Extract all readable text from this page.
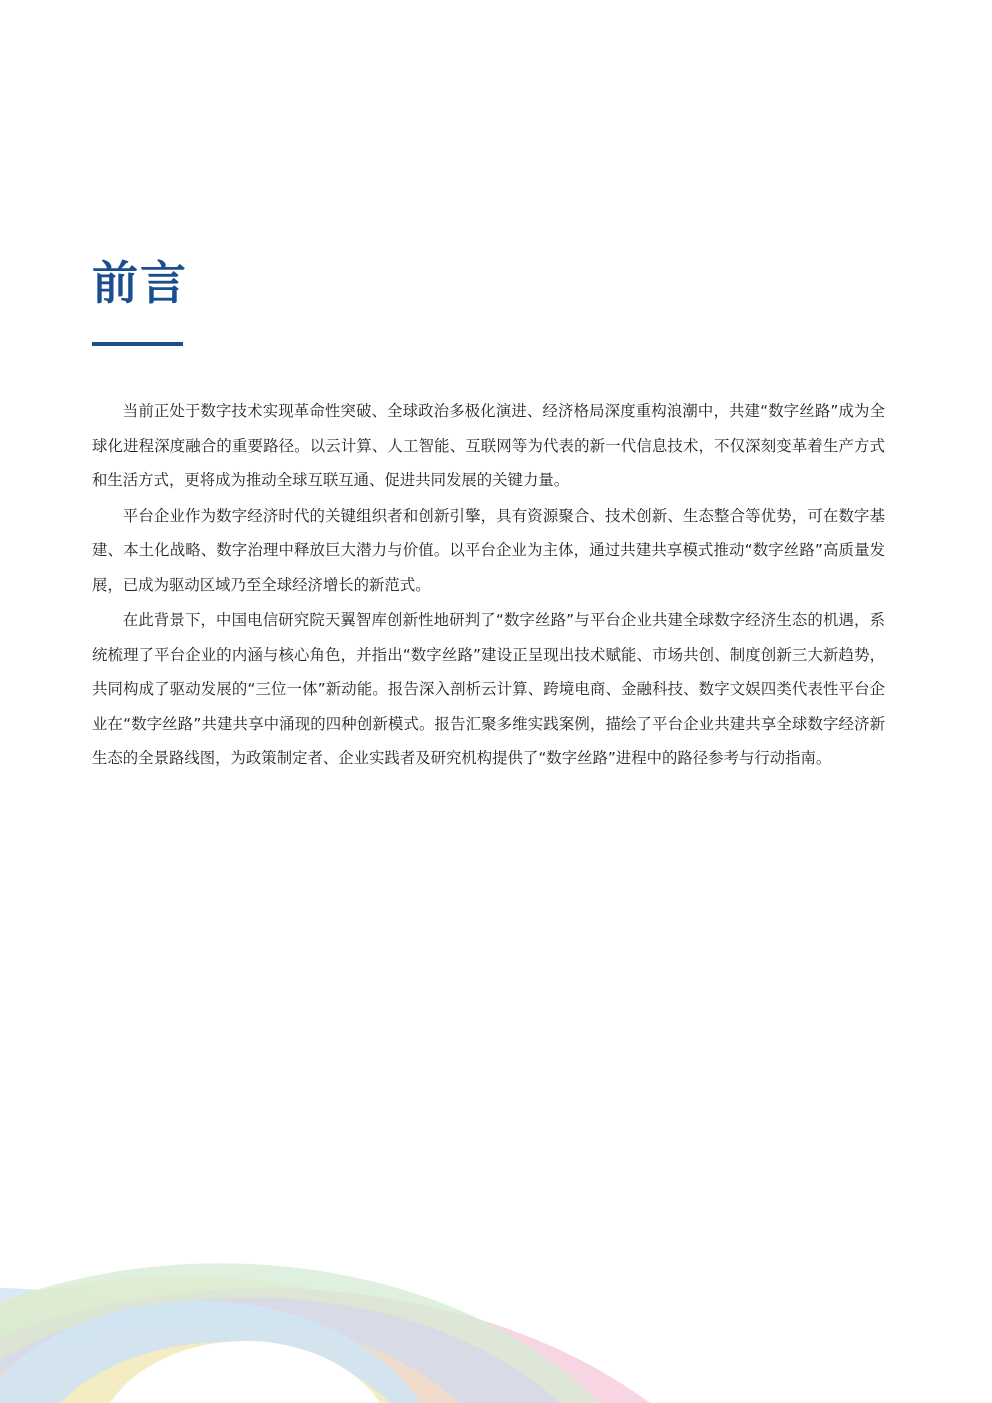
前言

当前正处于数字技术实现革命性突破、全球政治多极化演进、经济格局深度重构浪潮中，共建“数字丝路”成为全球化进程深度融合的重要路径。以云计算、人工智能、互联网等为代表的新一代信息技术，不仅深刻变革着生产方式和生活方式，更将成为推动全球互联互通、促进共同发展的关键力量。

平台企业作为数字经济时代的关键组织者和创新引擎，具有资源聚合、技术创新、生态整合等优势，可在数字基建、本土化战略、数字治理中释放巨大潜力与价值。以平台企业为主体，通过共建共享模式推动“数字丝路”高质量发展，已成为驱动区域乃至全球经济增长的新范式。

在此背景下，中国电信研究院天翼智库创新性地研判了“数字丝路”与平台企业共建全球数字经济生态的机遇，系统梳理了平台企业的内涵与核心角色，并指出“数字丝路”建设正呈现出技术赋能、市场共创、制度创新三大新趋势，共同构成了驱动发展的“三位一体”新动能。报告深入剖析云计算、跨境电商、金融科技、数字文娱四类代表性平台企业在“数字丝路”共建共享中涌现的四种创新模式。报告汇聚多维实践案例，描绘了平台企业共建共享全球数字经济新生态的全景路线图，为政策制定者、企业实践者及研究机构提供了“数字丝路”进程中的路径参考与行动指南。
